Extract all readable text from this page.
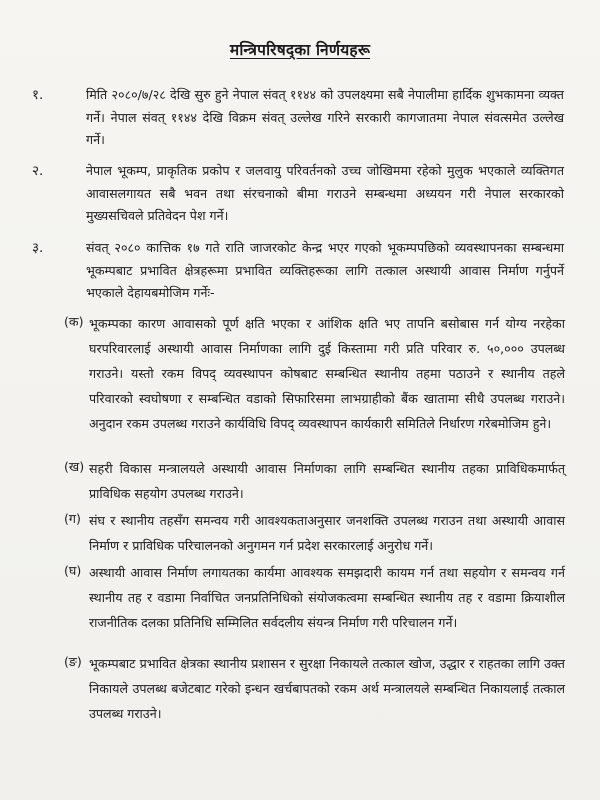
मन्त्रिपरिषद्का निर्णयहरू
१.	मिति २०८०/७/२८ देखि सुरु हुने नेपाल संवत् ११४४ को उपलक्ष्यमा सबै नेपालीमा हार्दिक शुभकामना व्यक्त गर्ने। नेपाल संवत् ११४४ देखि विक्रम संवत् उल्लेख गरिने सरकारी कागजातमा नेपाल संवत्समेत उल्लेख गर्ने।

२.	नेपाल भूकम्प, प्राकृतिक प्रकोप र जलवायु परिवर्तनको उच्च जोखिममा रहेको मुलुक भएकाले व्यक्तिगत आवासलगायत सबै भवन तथा संरचनाको बीमा गराउने सम्बन्धमा अध्ययन गरी नेपाल सरकारको मुख्यसचिवले प्रतिवेदन पेश गर्ने।

३.	संवत् २०८० कात्तिक १७ गते राति जाजरकोट केन्द्र भएर गएको भूकम्पपछिको व्यवस्थापनका सम्बन्धमा भूकम्पबाट प्रभावित क्षेत्रहरूमा प्रभावित व्यक्तिहरूका लागि तत्काल अस्थायी आवास निर्माण गर्नुपर्ने भएकाले देहायबमोजिम गर्नेः-

(क) भूकम्पका कारण आवासको पूर्ण क्षति भएका र आंशिक क्षति भए तापनि बसोबास गर्न योग्य नरहेका घरपरिवारलाई अस्थायी आवास निर्माणका लागि दुई किस्तामा गरी प्रति परिवार रु. ५०,००० उपलब्ध गराउने। यस्तो रकम विपद् व्यवस्थापन कोषबाट सम्बन्धित स्थानीय तहमा पठाउने र स्थानीय तहले परिवारको स्वघोषणा र सम्बन्धित वडाको सिफारिसमा लाभग्राहीको बैंक खातामा सीधै उपलब्ध गराउने। अनुदान रकम उपलब्ध गराउने कार्यविधि विपद् व्यवस्थापन कार्यकारी समितिले निर्धारण गरेबमोजिम हुने।

(ख) सहरी विकास मन्त्रालयले अस्थायी आवास निर्माणका लागि सम्बन्धित स्थानीय तहका प्राविधिकमार्फत् प्राविधिक सहयोग उपलब्ध गराउने।

(ग) संघ र स्थानीय तहसँग समन्वय गरी आवश्यकताअनुसार जनशक्ति उपलब्ध गराउन तथा अस्थायी आवास निर्माण र प्राविधिक परिचालनको अनुगमन गर्न प्रदेश सरकारलाई अनुरोध गर्ने।

(घ) अस्थायी आवास निर्माण लगायतका कार्यमा आवश्यक समझदारी कायम गर्न तथा सहयोग र समन्वय गर्न स्थानीय तह र वडामा निर्वाचित जनप्रतिनिधिको संयोजकत्वमा सम्बन्धित स्थानीय तह र वडामा क्रियाशील राजनीतिक दलका प्रतिनिधि सम्मिलित सर्वदलीय संयन्त्र निर्माण गरी परिचालन गर्ने।

(ङ) भूकम्पबाट प्रभावित क्षेत्रका स्थानीय प्रशासन र सुरक्षा निकायले तत्काल खोज, उद्धार र राहतका लागि उक्त निकायले उपलब्ध बजेटबाट गरेको इन्धन खर्चबापतको रकम अर्थ मन्त्रालयले सम्बन्धित निकायलाई तत्काल उपलब्ध गराउने।
